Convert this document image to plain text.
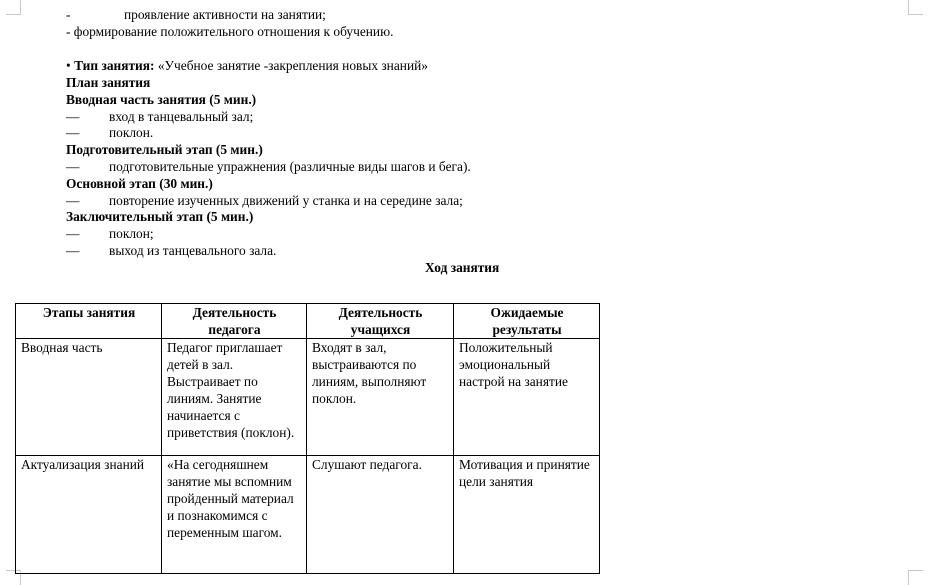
-	проявление активности на занятии;
- формирование положительного отношения к обучению.
• Тип занятия: «Учебное занятие -закрепления новых знаний»
План занятия
Вводная часть занятия (5 мин.)
— вход в танцевальный зал;
— поклон.
Подготовительный этап (5 мин.)
— подготовительные упражнения (различные виды шагов и бега).
Основной этап (30 мин.)
— повторение изученных движений у станка и на середине зала;
Заключительный этап (5 мин.)
— поклон;
— выход из танцевального зала.
Ход занятия
Этапы занятия	Деятельность педагога	Деятельность учащихся	Ожидаемые результаты
Вводная часть	Педагог приглашает детей в зал. Выстраивает по линиям. Занятие начинается с приветствия (поклон).	Входят в зал, выстраиваются по линиям, выполняют поклон.	Положительный эмоциональный настрой на занятие
Актуализация знаний	«На сегодняшнем занятие мы вспомним пройденный материал и познакомимся с переменным шагом.	Слушают педагога.	Мотивация и принятие цели занятия
